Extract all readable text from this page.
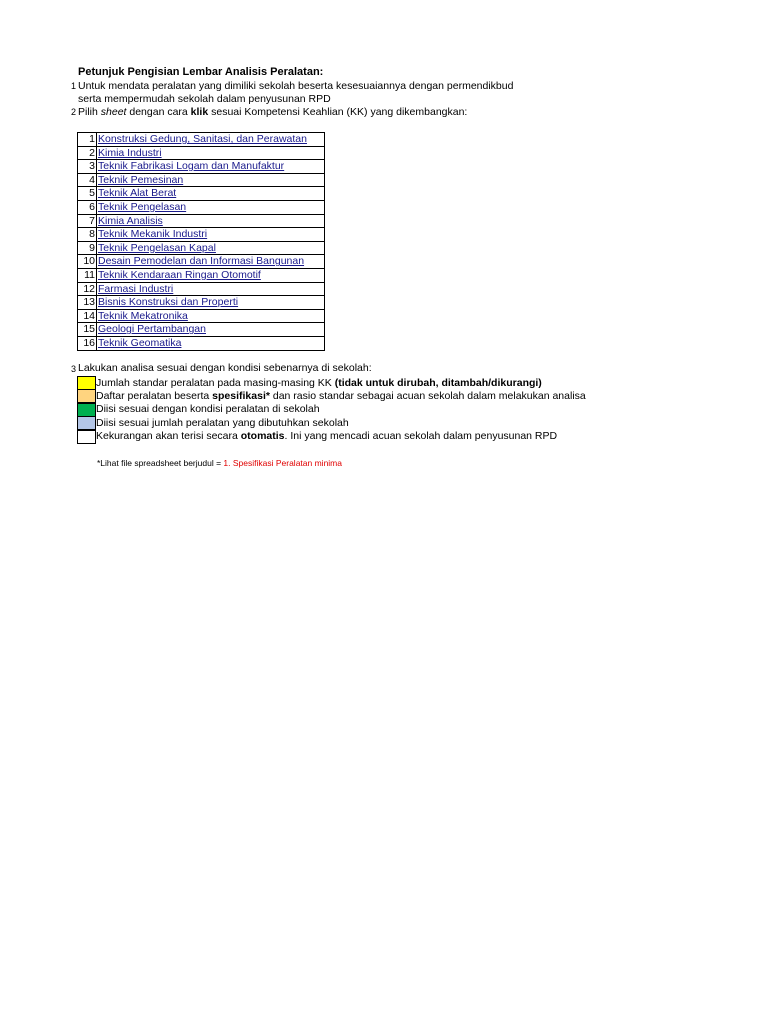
Petunjuk Pengisian Lembar Analisis Peralatan:
1 Untuk mendata peralatan yang dimiliki sekolah beserta kesesuaiannya dengan permendikbud
serta mempermudah sekolah dalam penyusunan RPD
2 Pilih sheet dengan cara klik sesuai Kompetensi Keahlian (KK) yang dikembangkan:
1	Konstruksi Gedung, Sanitasi, dan Perawatan
2	Kimia Industri
3	Teknik Fabrikasi Logam dan Manufaktur
4	Teknik Pemesinan
5	Teknik Alat Berat
6	Teknik Pengelasan
7	Kimia Analisis
8	Teknik Mekanik Industri
9	Teknik Pengelasan Kapal
10	Desain Pemodelan dan Informasi Bangunan
11	Teknik Kendaraan Ringan Otomotif
12	Farmasi Industri
13	Bisnis Konstruksi dan Properti
14	Teknik Mekatronika
15	Geologi Pertambangan
16	Teknik Geomatika
3 Lakukan analisa sesuai dengan kondisi sebenarnya di sekolah:
Jumlah standar peralatan pada masing-masing KK (tidak untuk dirubah, ditambah/dikurangi)
Daftar peralatan beserta spesifikasi* dan rasio standar sebagai acuan sekolah dalam melakukan analisa
Diisi sesuai dengan kondisi peralatan di sekolah
Diisi sesuai jumlah peralatan yang dibutuhkan sekolah
Kekurangan akan terisi secara otomatis. Ini yang mencadi acuan sekolah dalam penyusunan RPD
*Lihat file spreadsheet berjudul = 1. Spesifikasi Peralatan minima
